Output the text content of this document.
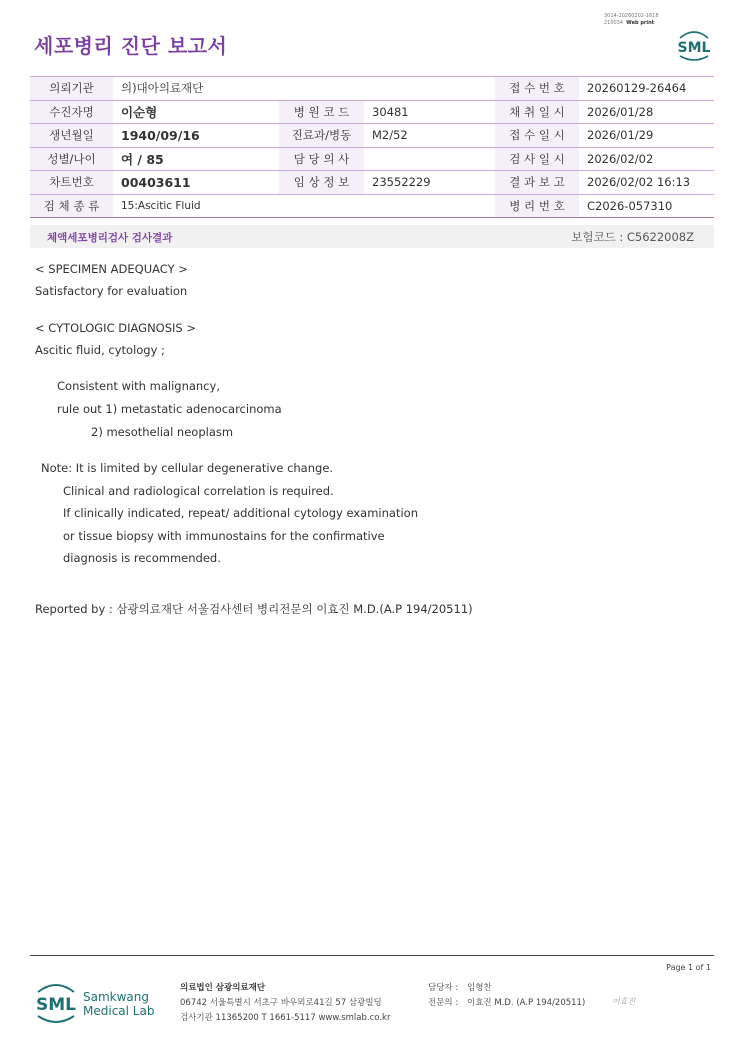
3014-20260202-1618
210034 Web print
세포병리 진단 보고서	SML
의뢰기관	의)대아의료재단			접 수 번 호	20260129-26464
수진자명	이순형	병 원 코 드	30481	채 취 일 시	2026/01/28
생년월일	1940/09/16	진료과/병동	M2/52	접 수 일 시	2026/01/29
성별/나이	여 / 85	담 당 의 사		검 사 일 시	2026/02/02
차트번호	00403611	임 상 정 보	23552229	결 과 보 고	2026/02/02 16:13
검 체 종 류	15:Ascitic Fluid			병 리 번 호	C2026-057310
체액세포병리검사 검사결과	보험코드 : C5622008Z
< SPECIMEN ADEQUACY >
Satisfactory for evaluation
< CYTOLOGIC DIAGNOSIS >
Ascitic fluid, cytology ;
Consistent with malignancy,
rule out 1) metastatic adenocarcinoma
2) mesothelial neoplasm
Note: It is limited by cellular degenerative change.
Clinical and radiological correlation is required.
If clinically indicated, repeat/ additional cytology examination
or tissue biopsy with immunostains for the confirmative
diagnosis is recommended.
Reported by : 삼광의료재단 서울검사센터 병리전문의 이효진 M.D.(A.P 194/20511)
Page 1 of 1
SML Samkwang
Medical Lab
의료법인 삼광의료재단
06742 서울특별시 서초구 바우뫼로41길 57 삼광빌딩
검사기관 11365200 T 1661-5117 www.smlab.co.kr
담당자 : 임형찬
전문의 : 이효진 M.D. (A.P 194/20511)	이효진
